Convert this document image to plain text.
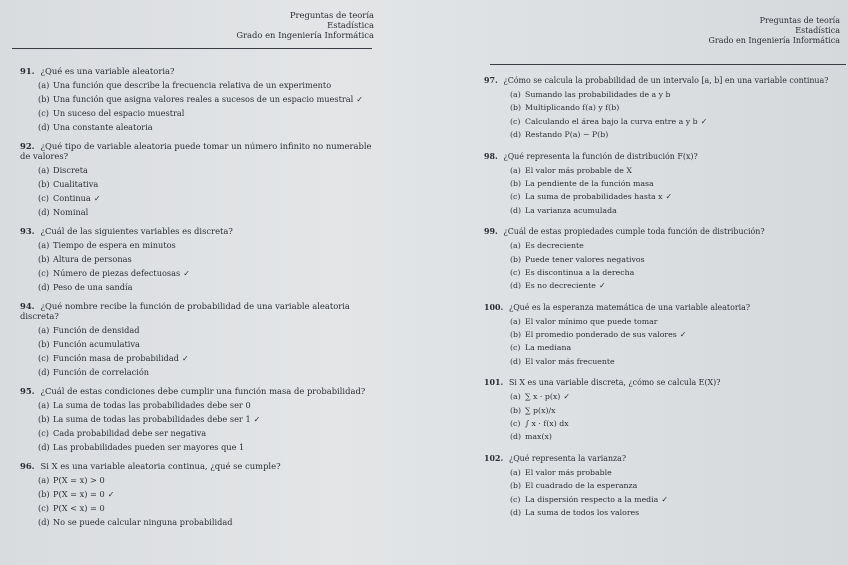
Preguntas de teoría
Estadística
Grado en Ingeniería Informática
91. ¿Qué es una variable aleatoria?
(a) Una función que describe la frecuencia relativa de un experimento
(b) Una función que asigna valores reales a sucesos de un espacio muestral ✓
(c) Un suceso del espacio muestral
(d) Una constante aleatoria
92. ¿Qué tipo de variable aleatoria puede tomar un número infinito no numerable de valores?
(a) Discreta
(b) Cualitativa
(c) Continua ✓
(d) Nominal
93. ¿Cuál de las siguientes variables es discreta?
(a) Tiempo de espera en minutos
(b) Altura de personas
(c) Número de piezas defectuosas ✓
(d) Peso de una sandía
94. ¿Qué nombre recibe la función de probabilidad de una variable aleatoria discreta?
(a) Función de densidad
(b) Función acumulativa
(c) Función masa de probabilidad ✓
(d) Función de correlación
95. ¿Cuál de estas condiciones debe cumplir una función masa de probabilidad?
(a) La suma de todas las probabilidades debe ser 0
(b) La suma de todas las probabilidades debe ser 1 ✓
(c) Cada probabilidad debe ser negativa
(d) Las probabilidades pueden ser mayores que 1
96. Si X es una variable aleatoria continua, ¿qué se cumple?
(a) P(X = x) > 0
(b) P(X = x) = 0 ✓
(c) P(X < x) = 0
(d) No se puede calcular ninguna probabilidad
Preguntas de teoría
Estadística
Grado en Ingeniería Informática
97. ¿Cómo se calcula la probabilidad de un intervalo [a, b] en una variable continua?
(a) Sumando las probabilidades de a y b
(b) Multiplicando f(a) y f(b)
(c) Calculando el área bajo la curva entre a y b ✓
(d) Restando P(a) − P(b)
98. ¿Qué representa la función de distribución F(x)?
(a) El valor más probable de X
(b) La pendiente de la función masa
(c) La suma de probabilidades hasta x ✓
(d) La varianza acumulada
99. ¿Cuál de estas propiedades cumple toda función de distribución?
(a) Es decreciente
(b) Puede tener valores negativos
(c) Es discontinua a la derecha
(d) Es no decreciente ✓
100. ¿Qué es la esperanza matemática de una variable aleatoria?
(a) El valor mínimo que puede tomar
(b) El promedio ponderado de sus valores ✓
(c) La mediana
(d) El valor más frecuente
101. Si X es una variable discreta, ¿cómo se calcula E(X)?
(a) ∑ x · p(x) ✓
(b) ∑ p(x)/x
(c) ∫ x · f(x) dx
(d) max(x)
102. ¿Qué representa la varianza?
(a) El valor más probable
(b) El cuadrado de la esperanza
(c) La dispersión respecto a la media ✓
(d) La suma de todos los valores
